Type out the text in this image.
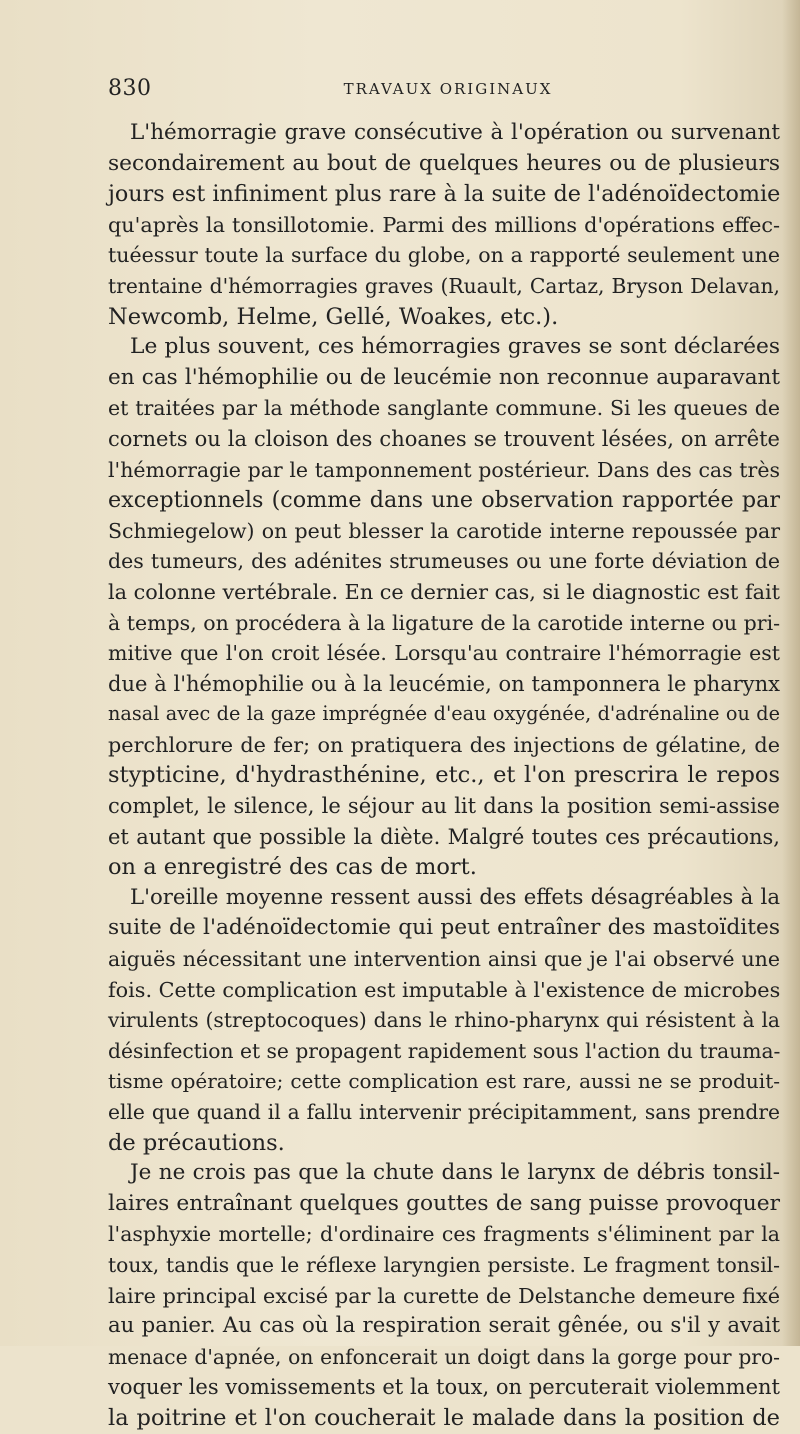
830	TRAVAUX ORIGINAUX
L'hémorragie grave consécutive à l'opération ou survenant
secondairement au bout de quelques heures ou de plusieurs
jours est infiniment plus rare à la suite de l'adénoïdectomie
qu'après la tonsillotomie. Parmi des millions d'opérations effec-
tuéessur toute la surface du globe, on a rapporté seulement une
trentaine d'hémorragies graves (Ruault, Cartaz, Bryson Delavan,
Newcomb, Helme, Gellé, Woakes, etc.).
Le plus souvent, ces hémorragies graves se sont déclarées
en cas l'hémophilie ou de leucémie non reconnue auparavant
et traitées par la méthode sanglante commune. Si les queues de
cornets ou la cloison des choanes se trouvent lésées, on arrête
l'hémorragie par le tamponnement postérieur. Dans des cas très
exceptionnels (comme dans une observation rapportée par
Schmiegelow) on peut blesser la carotide interne repoussée par
des tumeurs, des adénites strumeuses ou une forte déviation de
la colonne vertébrale. En ce dernier cas, si le diagnostic est fait
à temps, on procédera à la ligature de la carotide interne ou pri-
mitive que l'on croit lésée. Lorsqu'au contraire l'hémorragie est
due à l'hémophilie ou à la leucémie, on tamponnera le pharynx
nasal avec de la gaze imprégnée d'eau oxygénée, d'adrénaline ou de
perchlorure de fer; on pratiquera des injections de gélatine, de
stypticine, d'hydrasthénine, etc., et l'on prescrira le repos
complet, le silence, le séjour au lit dans la position semi-assise
et autant que possible la diète. Malgré toutes ces précautions,
on a enregistré des cas de mort.
L'oreille moyenne ressent aussi des effets désagréables à la
suite de l'adénoïdectomie qui peut entraîner des mastoïdites
aiguës nécessitant une intervention ainsi que je l'ai observé une
fois. Cette complication est imputable à l'existence de microbes
virulents (streptocoques) dans le rhino-pharynx qui résistent à la
désinfection et se propagent rapidement sous l'action du trauma-
tisme opératoire; cette complication est rare, aussi ne se produit-
elle que quand il a fallu intervenir précipitamment, sans prendre
de précautions.
Je ne crois pas que la chute dans le larynx de débris tonsil-
laires entraînant quelques gouttes de sang puisse provoquer
l'asphyxie mortelle; d'ordinaire ces fragments s'éliminent par la
toux, tandis que le réflexe laryngien persiste. Le fragment tonsil-
laire principal excisé par la curette de Delstanche demeure fixé
au panier. Au cas où la respiration serait gênée, ou s'il y avait
menace d'apnée, on enfoncerait un doigt dans la gorge pour pro-
voquer les vomissements et la toux, on percuterait violemment
la poitrine et l'on coucherait le malade dans la position de
